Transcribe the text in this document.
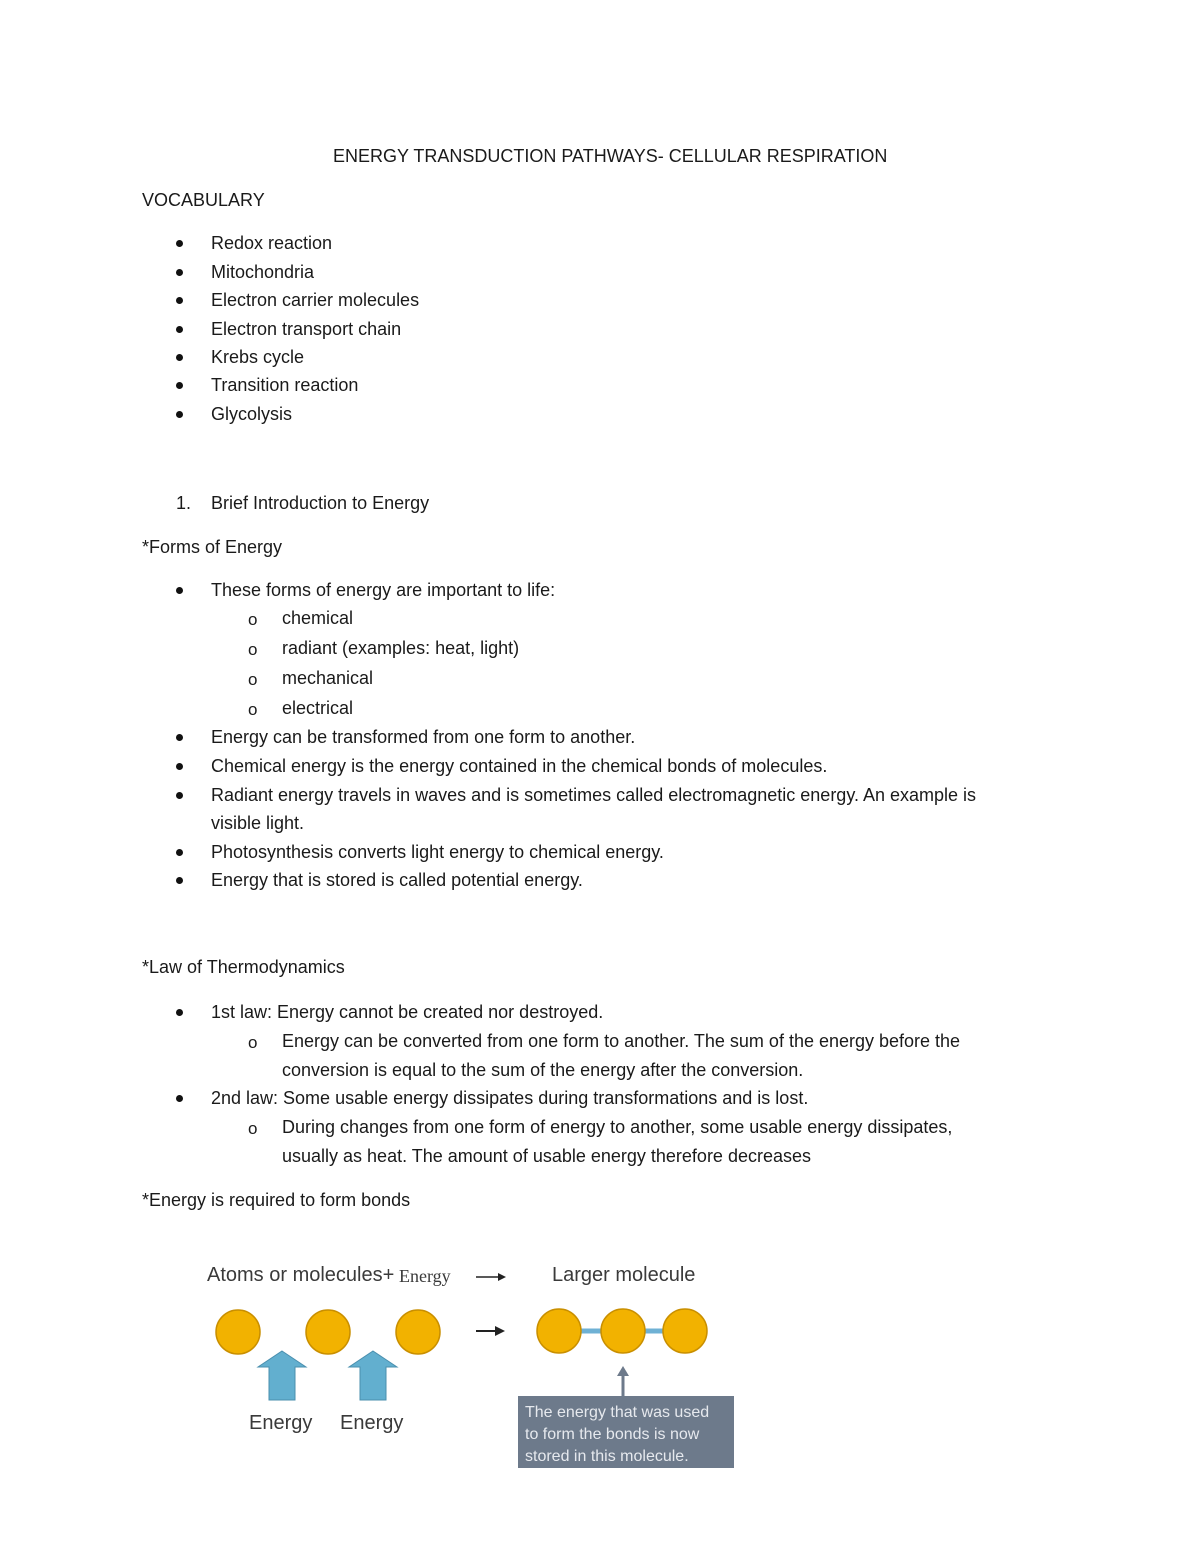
ENERGY TRANSDUCTION PATHWAYS- CELLULAR RESPIRATION
VOCABULARY
Redox reaction
Mitochondria
Electron carrier molecules
Electron transport chain
Krebs cycle
Transition reaction
Glycolysis
1. Brief Introduction to Energy
*Forms of Energy
These forms of energy are important to life:
o chemical
o radiant (examples: heat, light)
o mechanical
o electrical
Energy can be transformed from one form to another.
Chemical energy is the energy contained in the chemical bonds of molecules.
Radiant energy travels in waves and is sometimes called electromagnetic energy. An example is
visible light.
Photosynthesis converts light energy to chemical energy.
Energy that is stored is called potential energy.
*Law of Thermodynamics
1st law: Energy cannot be created nor destroyed.
o Energy can be converted from one form to another. The sum of the energy before the
conversion is equal to the sum of the energy after the conversion.
2nd law: Some usable energy dissipates during transformations and is lost.
o During changes from one form of energy to another, some usable energy dissipates,
usually as heat. The amount of usable energy therefore decreases
*Energy is required to form bonds
Atoms or molecules+ Energy	Larger molecule
Energy Energy	The energy that was used
to form the bonds is now
stored in this molecule.
